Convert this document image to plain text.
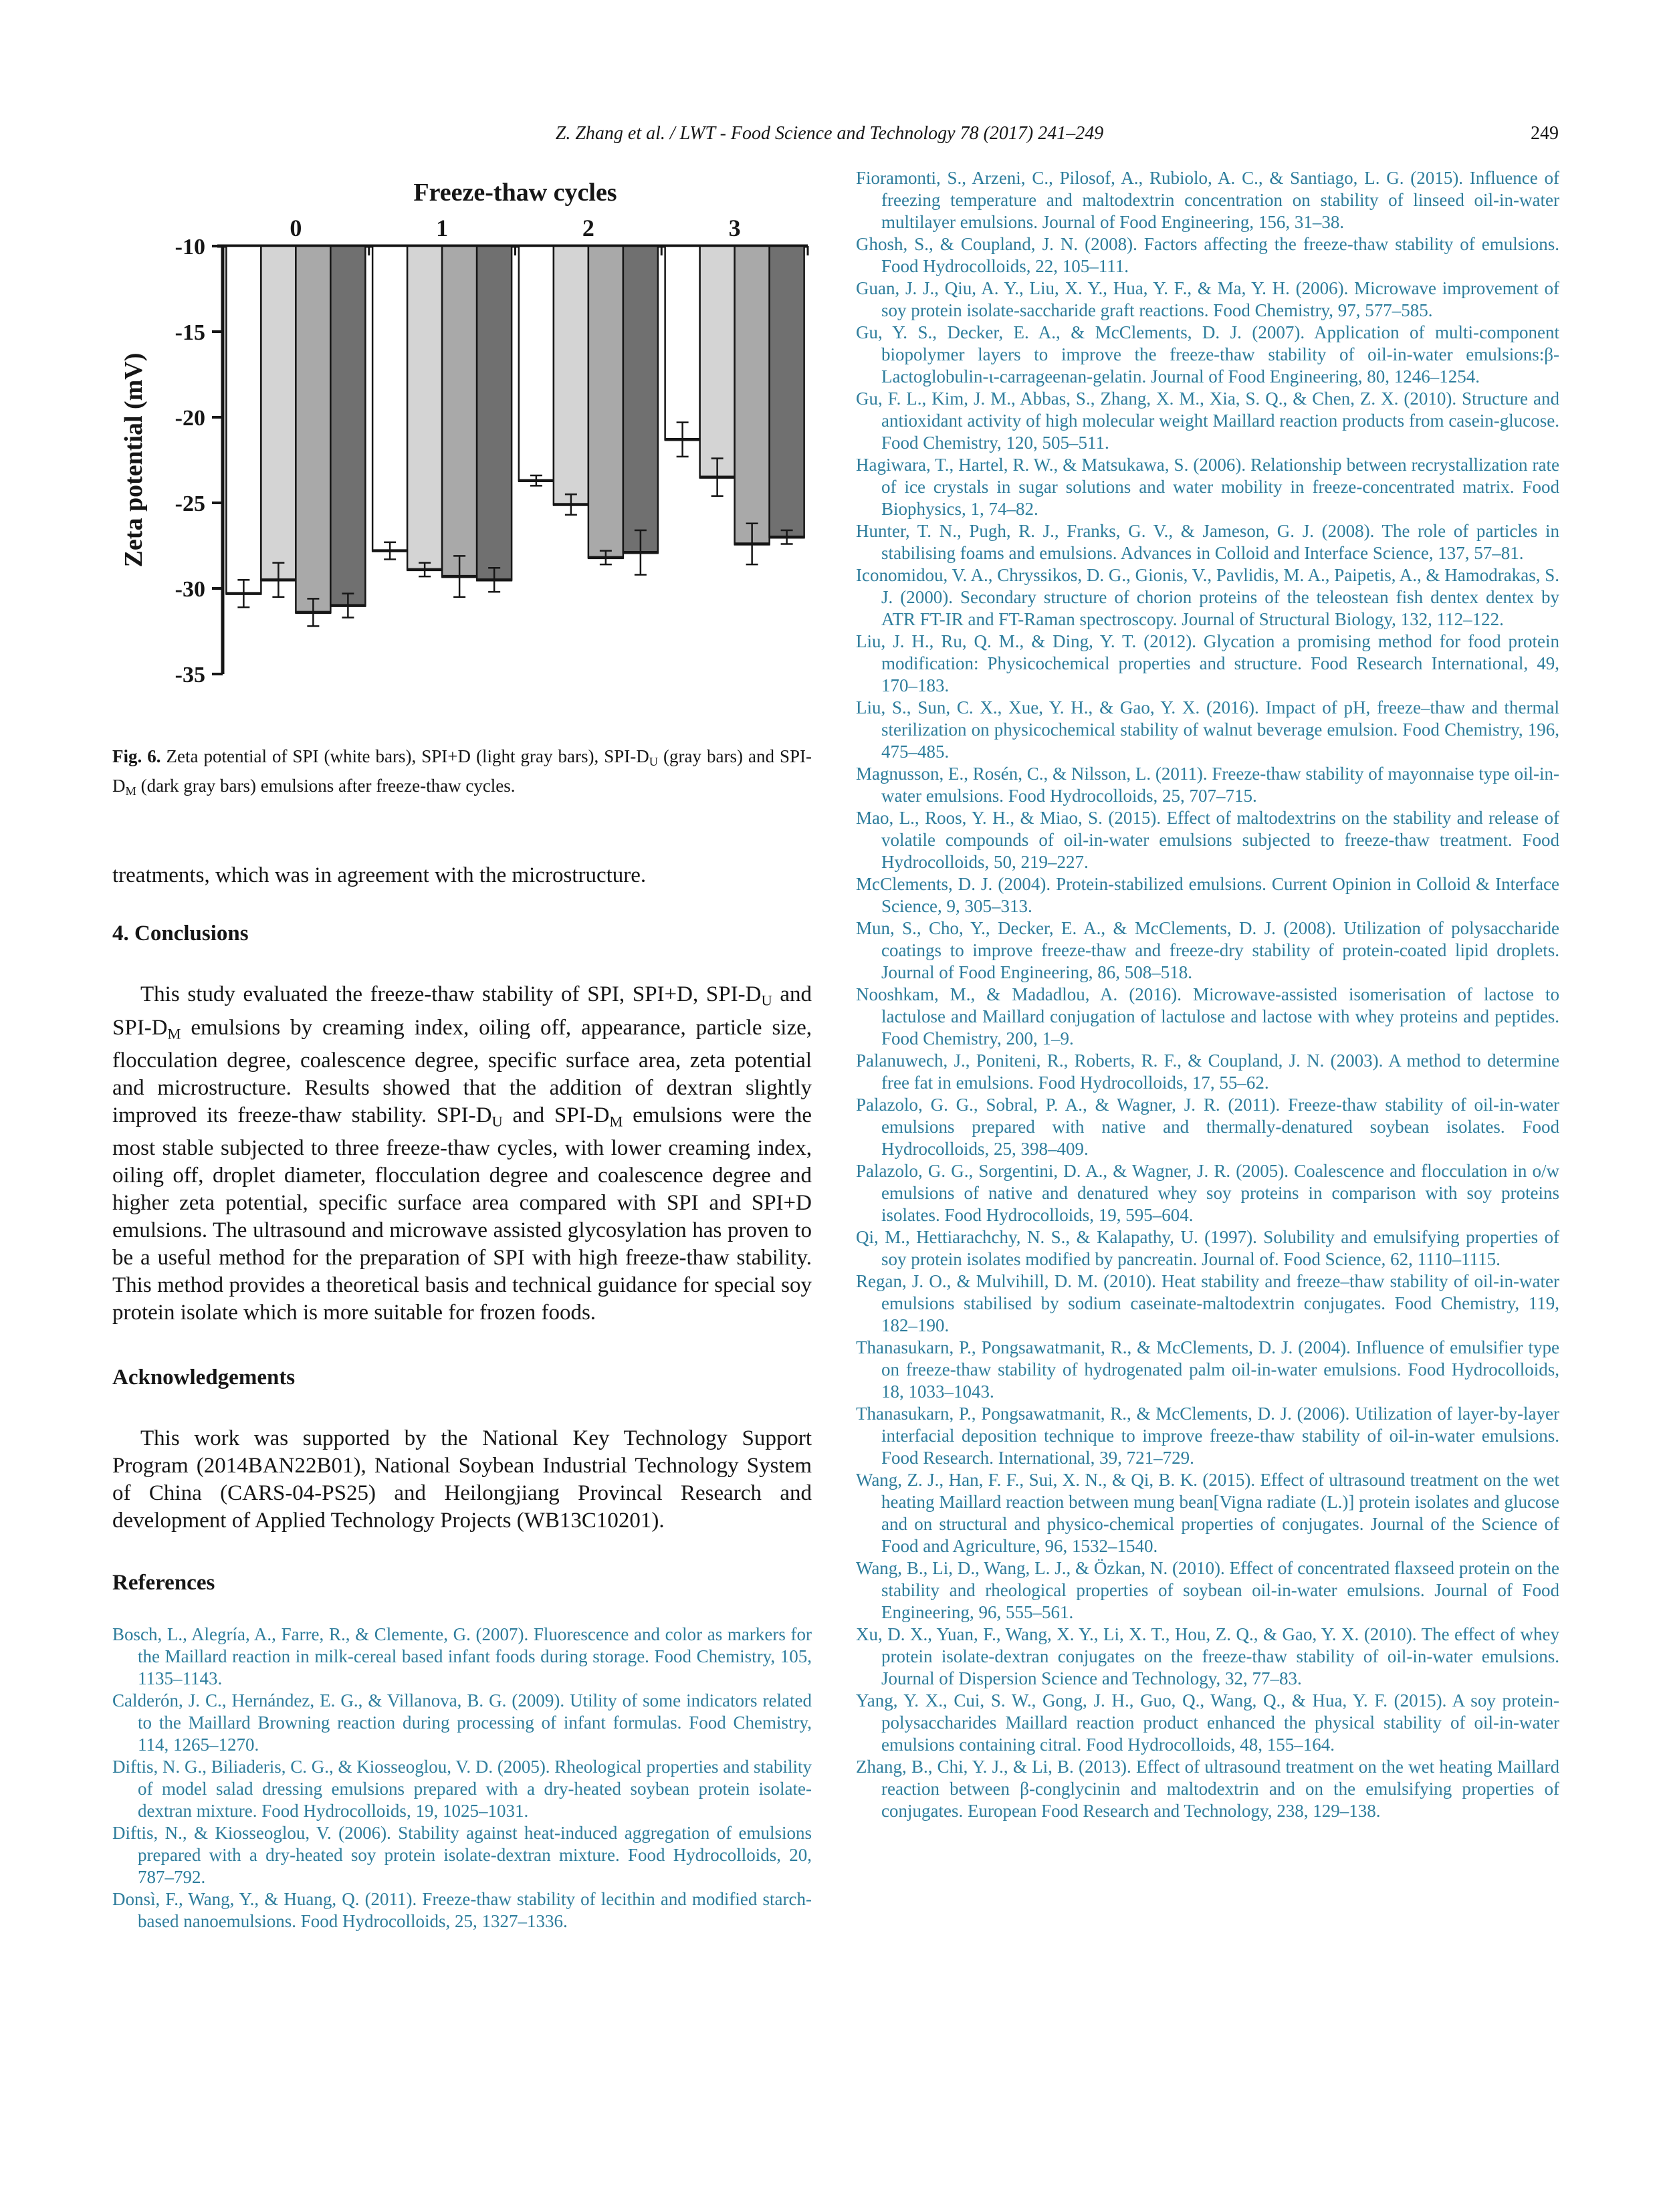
Z. Zhang et al. / LWT - Food Science and Technology 78 (2017) 241–249	249
Freeze-thaw cycles
0	1	2	3
-10
-15
-20
-25
-30
-35
Zeta potential (mV)
Fig. 6. Zeta potential of SPI (white bars), SPI+D (light gray bars), SPI-$D_U$ (gray bars) and SPI-$D_M$ (dark gray bars) emulsions after freeze-thaw cycles.

treatments, which was in agreement with the microstructure.

4. Conclusions

This study evaluated the freeze-thaw stability of SPI, SPI+D, SPI-$D_U$ and SPI-$D_M$ emulsions by creaming index, oiling off, appearance, particle size, flocculation degree, coalescence degree, specific surface area, zeta potential and microstructure. Results showed that the addition of dextran slightly improved its freeze-thaw stability. SPI-$D_U$ and SPI-$D_M$ emulsions were the most stable subjected to three freeze-thaw cycles, with lower creaming index, oiling off, droplet diameter, flocculation degree and coalescence degree and higher zeta potential, specific surface area compared with SPI and SPI+D emulsions. The ultrasound and microwave assisted glycosylation has proven to be a useful method for the preparation of SPI with high freeze-thaw stability. This method provides a theoretical basis and technical guidance for special soy protein isolate which is more suitable for frozen foods.

Acknowledgements

This work was supported by the National Key Technology Support Program (2014BAN22B01), National Soybean Industrial Technology System of China (CARS-04-PS25) and Heilongjiang Provincal Research and development of Applied Technology Projects (WB13C10201).

References
Bosch, L., Alegría, A., Farre, R., & Clemente, G. (2007). Fluorescence and color as markers for the Maillard reaction in milk-cereal based infant foods during storage. Food Chemistry, 105, 1135–1143.
Calderón, J. C., Hernández, E. G., & Villanova, B. G. (2009). Utility of some indicators related to the Maillard Browning reaction during processing of infant formulas. Food Chemistry, 114, 1265–1270.
Diftis, N. G., Biliaderis, C. G., & Kiosseoglou, V. D. (2005). Rheological properties and stability of model salad dressing emulsions prepared with a dry-heated soybean protein isolate-dextran mixture. Food Hydrocolloids, 19, 1025–1031.
Diftis, N., & Kiosseoglou, V. (2006). Stability against heat-induced aggregation of emulsions prepared with a dry-heated soy protein isolate-dextran mixture. Food Hydrocolloids, 20, 787–792.
Donsì, F., Wang, Y., & Huang, Q. (2011). Freeze-thaw stability of lecithin and modified starch-based nanoemulsions. Food Hydrocolloids, 25, 1327–1336.
Fioramonti, S., Arzeni, C., Pilosof, A., Rubiolo, A. C., & Santiago, L. G. (2015). Influence of freezing temperature and maltodextrin concentration on stability of linseed oil-in-water multilayer emulsions. Journal of Food Engineering, 156, 31–38.
Ghosh, S., & Coupland, J. N. (2008). Factors affecting the freeze-thaw stability of emulsions. Food Hydrocolloids, 22, 105–111.
Guan, J. J., Qiu, A. Y., Liu, X. Y., Hua, Y. F., & Ma, Y. H. (2006). Microwave improvement of soy protein isolate-saccharide graft reactions. Food Chemistry, 97, 577–585.
Gu, Y. S., Decker, E. A., & McClements, D. J. (2007). Application of multi-component biopolymer layers to improve the freeze-thaw stability of oil-in-water emulsions:β-Lactoglobulin-ι-carrageenan-gelatin. Journal of Food Engineering, 80, 1246–1254.
Gu, F. L., Kim, J. M., Abbas, S., Zhang, X. M., Xia, S. Q., & Chen, Z. X. (2010). Structure and antioxidant activity of high molecular weight Maillard reaction products from casein-glucose. Food Chemistry, 120, 505–511.
Hagiwara, T., Hartel, R. W., & Matsukawa, S. (2006). Relationship between recrystallization rate of ice crystals in sugar solutions and water mobility in freeze-concentrated matrix. Food Biophysics, 1, 74–82.
Hunter, T. N., Pugh, R. J., Franks, G. V., & Jameson, G. J. (2008). The role of particles in stabilising foams and emulsions. Advances in Colloid and Interface Science, 137, 57–81.
Iconomidou, V. A., Chryssikos, D. G., Gionis, V., Pavlidis, M. A., Paipetis, A., & Hamodrakas, S. J. (2000). Secondary structure of chorion proteins of the teleostean fish dentex dentex by ATR FT-IR and FT-Raman spectroscopy. Journal of Structural Biology, 132, 112–122.
Liu, J. H., Ru, Q. M., & Ding, Y. T. (2012). Glycation a promising method for food protein modification: Physicochemical properties and structure. Food Research International, 49, 170–183.
Liu, S., Sun, C. X., Xue, Y. H., & Gao, Y. X. (2016). Impact of pH, freeze–thaw and thermal sterilization on physicochemical stability of walnut beverage emulsion. Food Chemistry, 196, 475–485.
Magnusson, E., Rosén, C., & Nilsson, L. (2011). Freeze-thaw stability of mayonnaise type oil-in-water emulsions. Food Hydrocolloids, 25, 707–715.
Mao, L., Roos, Y. H., & Miao, S. (2015). Effect of maltodextrins on the stability and release of volatile compounds of oil-in-water emulsions subjected to freeze-thaw treatment. Food Hydrocolloids, 50, 219–227.
McClements, D. J. (2004). Protein-stabilized emulsions. Current Opinion in Colloid & Interface Science, 9, 305–313.
Mun, S., Cho, Y., Decker, E. A., & McClements, D. J. (2008). Utilization of polysaccharide coatings to improve freeze-thaw and freeze-dry stability of protein-coated lipid droplets. Journal of Food Engineering, 86, 508–518.
Nooshkam, M., & Madadlou, A. (2016). Microwave-assisted isomerisation of lactose to lactulose and Maillard conjugation of lactulose and lactose with whey proteins and peptides. Food Chemistry, 200, 1–9.
Palanuwech, J., Poniteni, R., Roberts, R. F., & Coupland, J. N. (2003). A method to determine free fat in emulsions. Food Hydrocolloids, 17, 55–62.
Palazolo, G. G., Sobral, P. A., & Wagner, J. R. (2011). Freeze-thaw stability of oil-in-water emulsions prepared with native and thermally-denatured soybean isolates. Food Hydrocolloids, 25, 398–409.
Palazolo, G. G., Sorgentini, D. A., & Wagner, J. R. (2005). Coalescence and flocculation in o/w emulsions of native and denatured whey soy proteins in comparison with soy proteins isolates. Food Hydrocolloids, 19, 595–604.
Qi, M., Hettiarachchy, N. S., & Kalapathy, U. (1997). Solubility and emulsifying properties of soy protein isolates modified by pancreatin. Journal of. Food Science, 62, 1110–1115.
Regan, J. O., & Mulvihill, D. M. (2010). Heat stability and freeze–thaw stability of oil-in-water emulsions stabilised by sodium caseinate-maltodextrin conjugates. Food Chemistry, 119, 182–190.
Thanasukarn, P., Pongsawatmanit, R., & McClements, D. J. (2004). Influence of emulsifier type on freeze-thaw stability of hydrogenated palm oil-in-water emulsions. Food Hydrocolloids, 18, 1033–1043.
Thanasukarn, P., Pongsawatmanit, R., & McClements, D. J. (2006). Utilization of layer-by-layer interfacial deposition technique to improve freeze-thaw stability of oil-in-water emulsions. Food Research. International, 39, 721–729.
Wang, Z. J., Han, F. F., Sui, X. N., & Qi, B. K. (2015). Effect of ultrasound treatment on the wet heating Maillard reaction between mung bean[Vigna radiate (L.)] protein isolates and glucose and on structural and physico-chemical properties of conjugates. Journal of the Science of Food and Agriculture, 96, 1532–1540.
Wang, B., Li, D., Wang, L. J., & Özkan, N. (2010). Effect of concentrated flaxseed protein on the stability and rheological properties of soybean oil-in-water emulsions. Journal of Food Engineering, 96, 555–561.
Xu, D. X., Yuan, F., Wang, X. Y., Li, X. T., Hou, Z. Q., & Gao, Y. X. (2010). The effect of whey protein isolate-dextran conjugates on the freeze-thaw stability of oil-in-water emulsions. Journal of Dispersion Science and Technology, 32, 77–83.
Yang, Y. X., Cui, S. W., Gong, J. H., Guo, Q., Wang, Q., & Hua, Y. F. (2015). A soy protein-polysaccharides Maillard reaction product enhanced the physical stability of oil-in-water emulsions containing citral. Food Hydrocolloids, 48, 155–164.
Zhang, B., Chi, Y. J., & Li, B. (2013). Effect of ultrasound treatment on the wet heating Maillard reaction between β-conglycinin and maltodextrin and on the emulsifying properties of conjugates. European Food Research and Technology, 238, 129–138.
